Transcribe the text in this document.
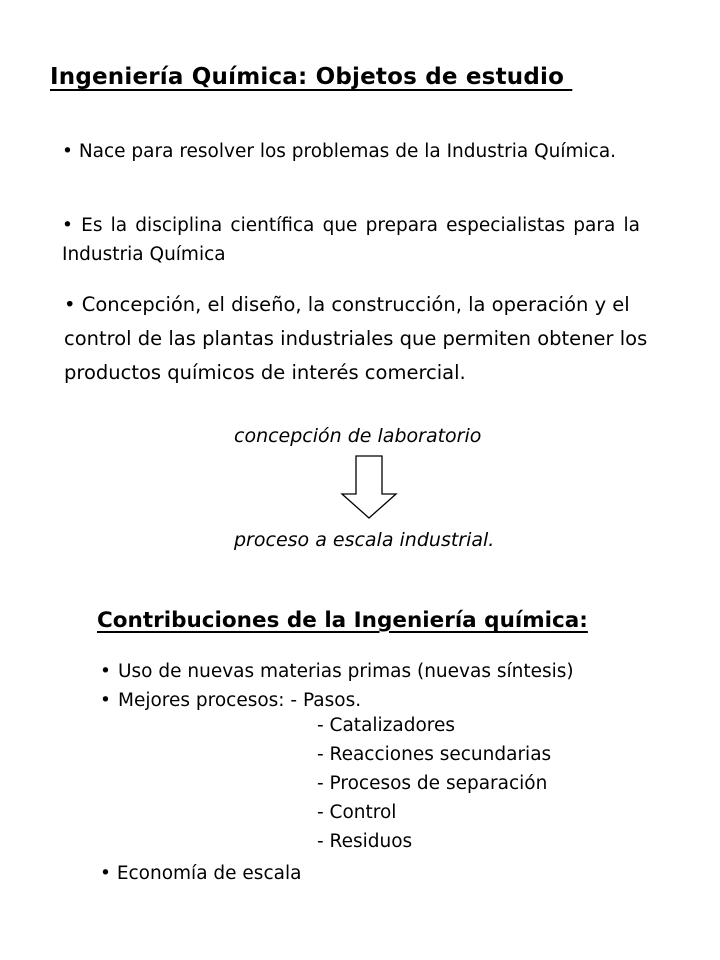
Ingeniería Química: Objetos de estudio
• Nace para resolver los problemas de la Industria Química.
• Es la disciplina científica que prepara especialistas para la Industria Química
• Concepción, el diseño, la construcción, la operación y el control de las plantas industriales que permiten obtener los productos químicos de interés comercial.
concepción de laboratorio
proceso a escala industrial.
Contribuciones de la Ingeniería química:
• Uso de nuevas materias primas (nuevas síntesis)
• Mejores procesos: - Pasos.
- Catalizadores
- Reacciones secundarias
- Procesos de separación
- Control
- Residuos
• Economía de escala
